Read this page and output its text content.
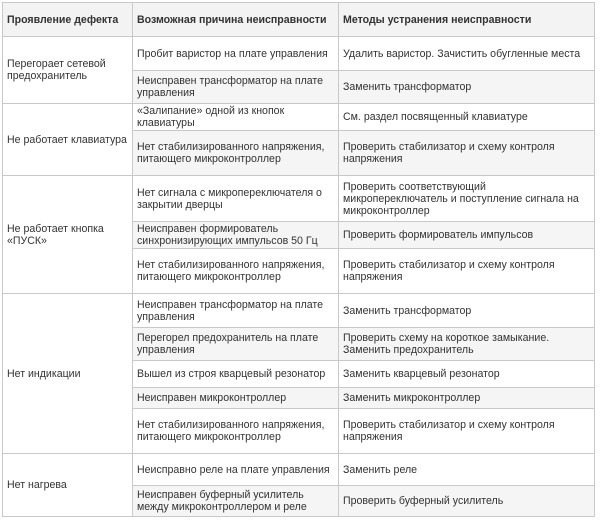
Проявление дефекта	Возможная причина неисправности	Методы устранения неисправности
Перегорает сетевой предохранитель	Пробит варистор на плате управления	Удалить варистор. Зачистить обугленные места
	Неисправен трансформатор на плате управления	Заменить трансформатор
Не работает клавиатура	«Залипание» одной из кнопок клавиатуры	См. раздел посвященный клавиатуре
	Нет стабилизированного напряжения, питающего микроконтроллер	Проверить стабилизатор и схему контроля напряжения
Не работает кнопка «ПУСК»	Нет сигнала с микропереключателя о закрытии дверцы	Проверить соответствующий микропереключатель и поступление сигнала на микроконтроллер
	Неисправен формирователь синхронизирующих импульсов 50 Гц	Проверить формирователь импульсов
	Нет стабилизированного напряжения, питающего микроконтроллер	Проверить стабилизатор и схему контроля напряжения
Нет индикации	Неисправен трансформатор на плате управления	Заменить трансформатор
	Перегорел предохранитель на плате управления	Проверить схему на короткое замыкание. Заменить предохранитель
	Вышел из строя кварцевый резонатор	Заменить кварцевый резонатор
	Неисправен микроконтроллер	Заменить микроконтроллер
	Нет стабилизированного напряжения, питающего микроконтроллер	Проверить стабилизатор и схему контроля напряжения
Нет нагрева	Неисправно реле на плате управления	Заменить реле
	Неисправен буферный усилитель между микроконтроллером и реле	Проверить буферный усилитель
